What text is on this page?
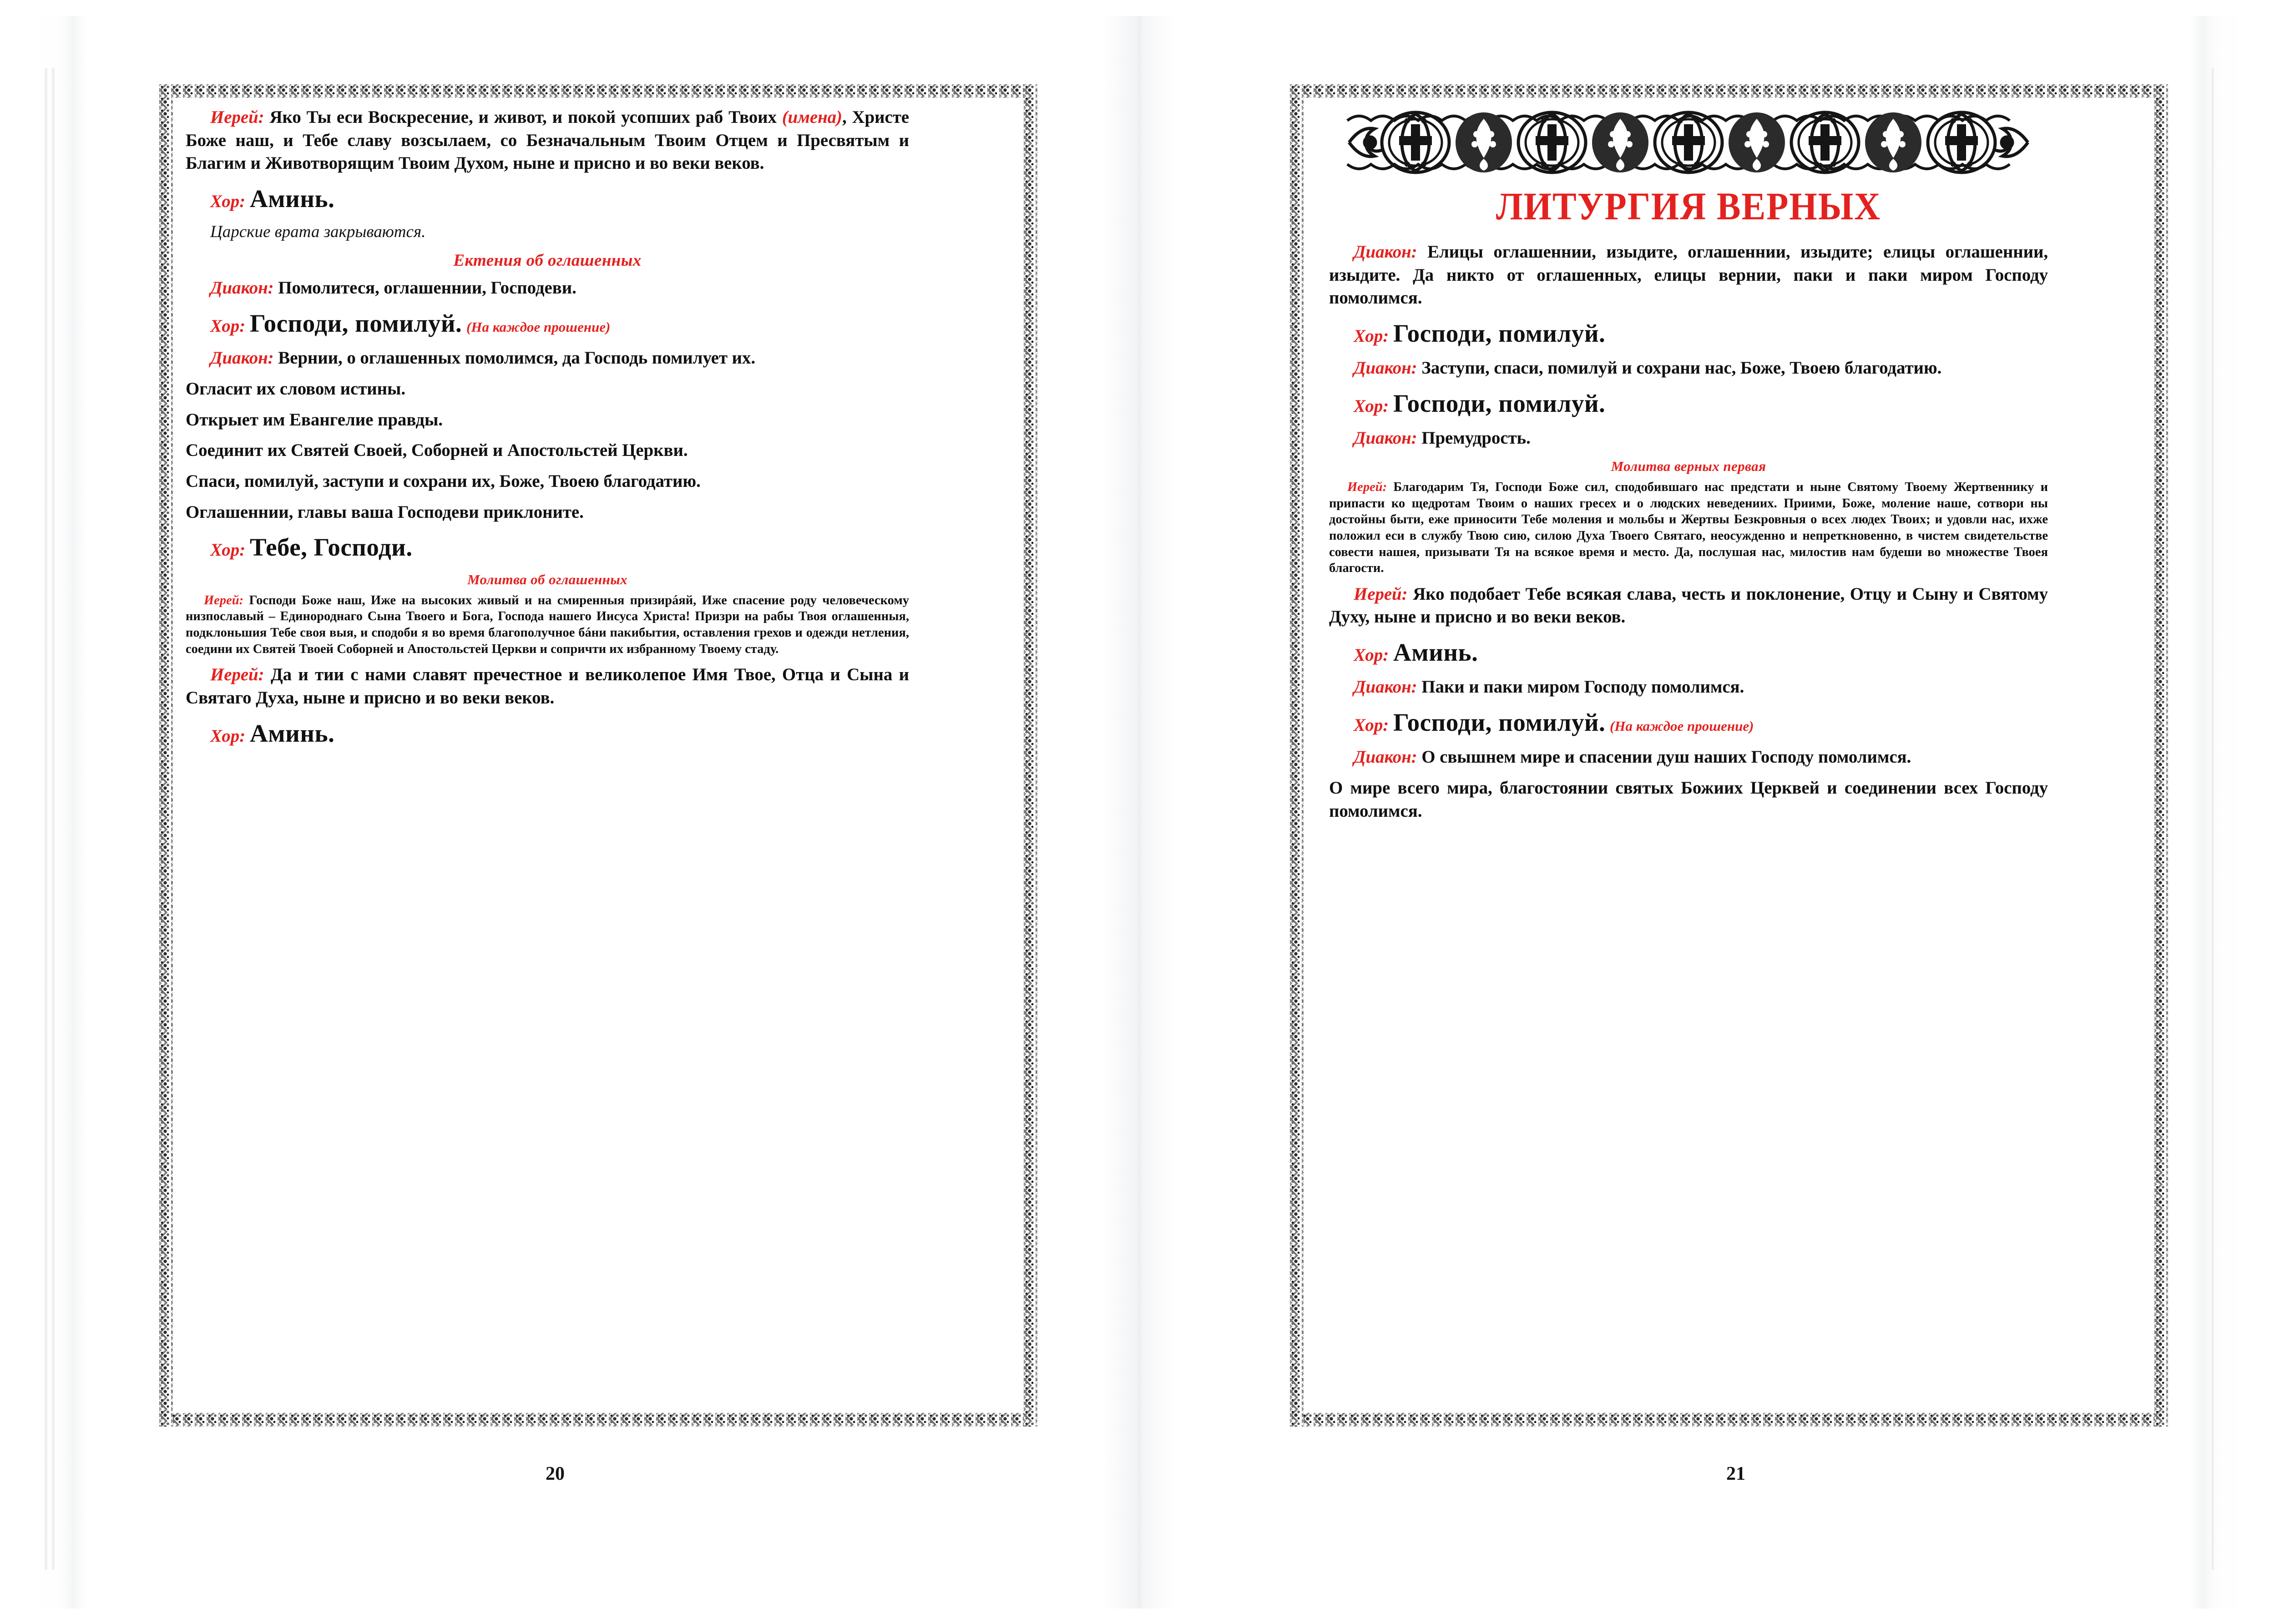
Иерей: Яко Ты еси Воскресение, и живот, и покой усопших раб Твоих (имена), Христе Боже наш, и Тебе славу возсылаем, со Безначальным Твоим Отцем и Пресвятым и Благим и Животворящим Твоим Духом, ныне и присно и во веки веков.

Хор: Аминь.

Царские врата закрываются.

Ектения об оглашенных

Диакон: Помолитеся, оглашеннии, Господеви.

Хор: Господи, помилуй. (На каждое прошение)

Диакон: Вернии, о оглашенных помолимся, да Господь помилует их.

Огласит их словом истины.

Открыет им Евангелие правды.

Соединит их Святей Своей, Соборней и Апостольстей Церкви.

Спаси, помилуй, заступи и сохрани их, Боже, Твоею благодатию.

Оглашеннии, главы ваша Господеви приклоните.

Хор: Тебе, Господи.

Молитва об оглашенных

Иерей: Господи Боже наш, Иже на высоких живый и на смиренныя призирáяй, Иже спасение роду человеческому низпославый – Единороднаго Сына Твоего и Бога, Господа нашего Иисуса Христа! Призри на рабы Твоя оглашенныя, подклоньшия Тебе своя выя, и сподоби я во время благополучное бáни пакибытия, оставления грехов и одежди нетления, соедини их Святей Твоей Соборней и Апостольстей Церкви и сопричти их избранному Твоему стаду.

Иерей: Да и тии с нами славят пречестное и великолепое Имя Твое, Отца и Сына и Святаго Духа, ныне и присно и во веки веков.

Хор: Аминь.

20
ЛИТУРГИЯ ВЕРНЫХ

Диакон: Елицы оглашеннии, изыдите, оглашеннии, изыдите; елицы оглашеннии, изыдите. Да никто от оглашенных, елицы вернии, паки и паки миром Господу помолимся.

Хор: Господи, помилуй.

Диакон: Заступи, спаси, помилуй и сохрани нас, Боже, Твоею благодатию.

Хор: Господи, помилуй.

Диакон: Премудрость.

Молитва верных первая

Иерей: Благодарим Тя, Господи Боже сил, сподобившаго нас предстати и ныне Святому Твоему Жертвеннику и припасти ко щедротам Твоим о наших гресех и о людских неведениих. Приими, Боже, моление наше, сотвори ны достойны быти, еже приносити Тебе моления и мольбы и Жертвы Безкровныя о всех людех Твоих; и удовли нас, ихже положил еси в службу Твою сию, силою Духа Твоего Святаго, неосужденно и непреткновенно, в чистем свидетельстве совести нашея, призывати Тя на всякое время и место. Да, послушая нас, милостив нам будеши во множестве Твоея благости.

Иерей: Яко подобает Тебе всякая слава, честь и поклонение, Отцу и Сыну и Святому Духу, ныне и присно и во веки веков.

Хор: Аминь.

Диакон: Паки и паки миром Господу помолимся.

Хор: Господи, помилуй. (На каждое прошение)

Диакон: О свышнем мире и спасении душ наших Господу помолимся.

О мире всего мира, благостоянии святых Божиих Церквей и соединении всех Господу помолимся.

21
